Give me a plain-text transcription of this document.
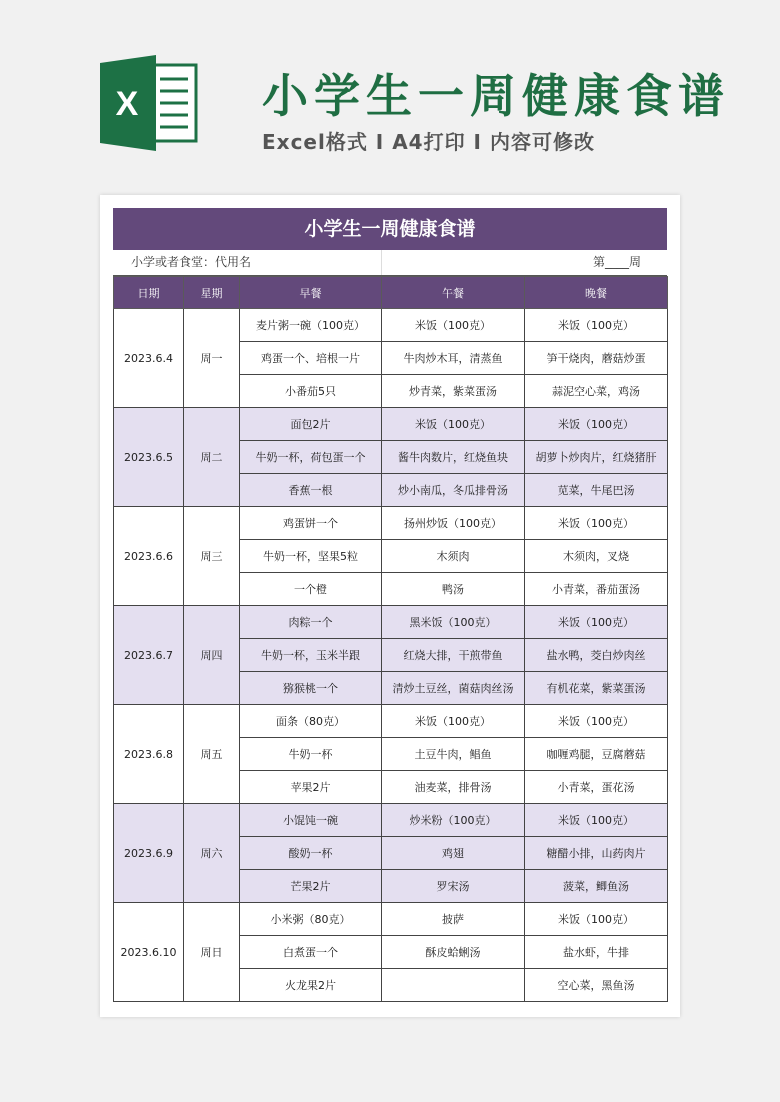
X	小学生一周健康食谱
Excel格式 I A4打印 I 内容可修改
小学生一周健康食谱
小学或者食堂：代用名	第____周
日期	星期	早餐	午餐	晚餐
2023.6.4	周一	麦片粥一碗（100克）	米饭（100克）	米饭（100克）
		鸡蛋一个、培根一片	牛肉炒木耳，清蒸鱼	笋干烧肉，蘑菇炒蛋
		小番茄5只	炒青菜，紫菜蛋汤	蒜泥空心菜，鸡汤
2023.6.5	周二	面包2片	米饭（100克）	米饭（100克）
		牛奶一杯，荷包蛋一个	酱牛肉数片，红烧鱼块	胡萝卜炒肉片，红烧猪肝
		香蕉一根	炒小南瓜，冬瓜排骨汤	苋菜，牛尾巴汤
2023.6.6	周三	鸡蛋饼一个	扬州炒饭（100克）	米饭（100克）
		牛奶一杯，坚果5粒	木须肉	木须肉，叉烧
		一个橙	鸭汤	小青菜，番茄蛋汤
2023.6.7	周四	肉粽一个	黑米饭（100克）	米饭（100克）
		牛奶一杯，玉米半跟	红烧大排，干煎带鱼	盐水鸭，茭白炒肉丝
		猕猴桃一个	清炒土豆丝，菌菇肉丝汤	有机花菜，紫菜蛋汤
2023.6.8	周五	面条（80克）	米饭（100克）	米饭（100克）
		牛奶一杯	土豆牛肉，鲳鱼	咖喱鸡腿，豆腐蘑菇
		苹果2片	油麦菜，排骨汤	小青菜，蛋花汤
2023.6.9	周六	小馄饨一碗	炒米粉（100克）	米饭（100克）
		酸奶一杯	鸡翅	糖醋小排，山药肉片
		芒果2片	罗宋汤	菠菜，鲫鱼汤
2023.6.10	周日	小米粥（80克）	披萨	米饭（100克）
		白煮蛋一个	酥皮蛤蜊汤	盐水虾，牛排
		火龙果2片		空心菜，黑鱼汤
